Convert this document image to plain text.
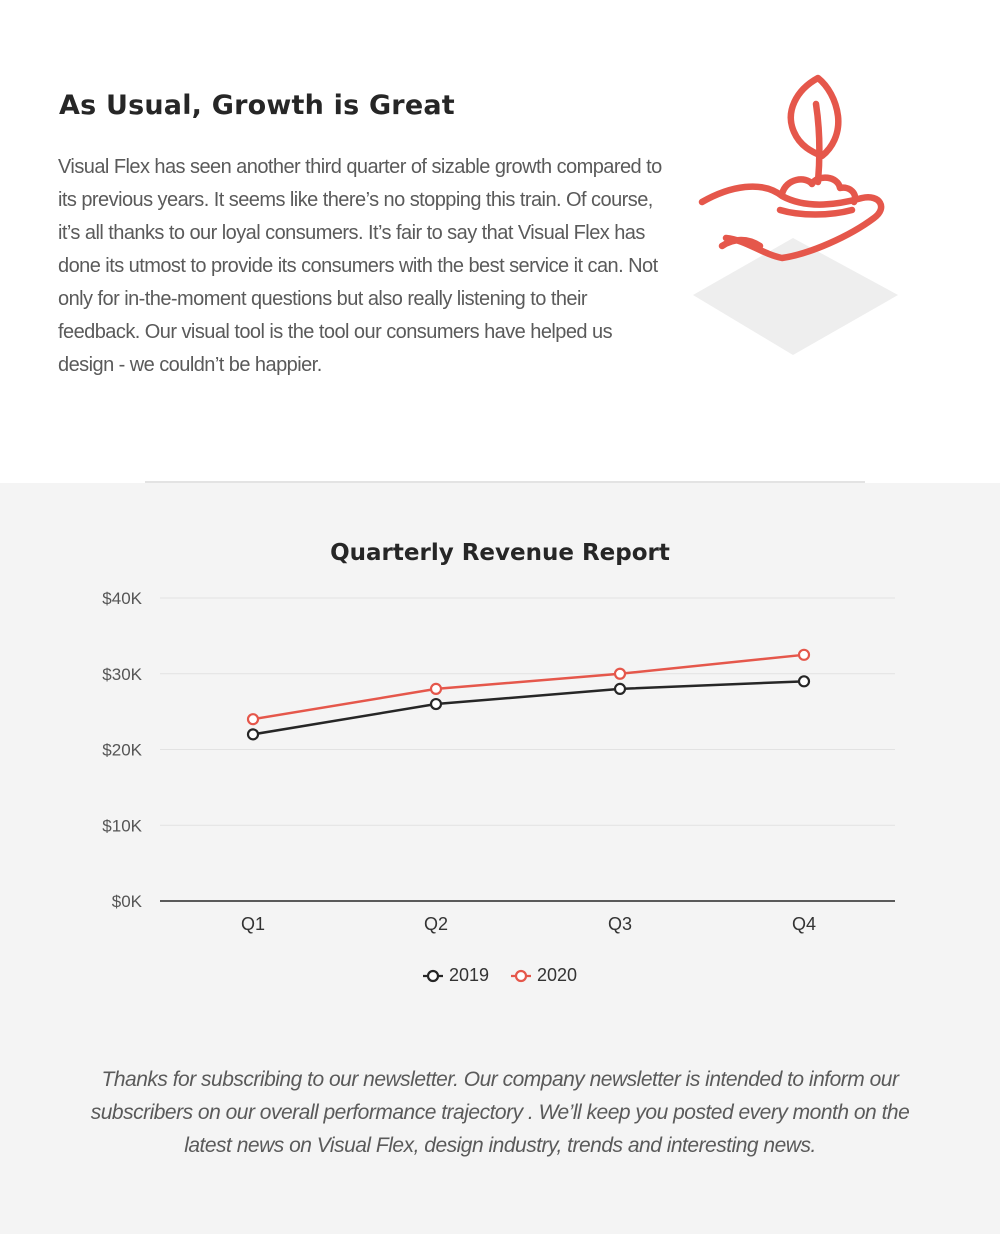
As Usual, Growth is Great

Visual Flex has seen another third quarter of sizable growth compared to its previous years. It seems like there’s no stopping this train. Of course, it’s all thanks to our loyal consumers. It’s fair to say that Visual Flex has done its utmost to provide its consumers with the best service it can. Not only for in-the-moment questions but also really listening to their feedback. Our visual tool is the tool our consumers have helped us design - we couldn’t be happier.

Quarterly Revenue Report
$0K
$10K
$20K
$30K
$40K
Q1	Q2	Q3	Q4
2019	2020

Thanks for subscribing to our newsletter. Our company newsletter is intended to inform our subscribers on our overall performance trajectory . We’ll keep you posted every month on the latest news on Visual Flex, design industry, trends and interesting news.
